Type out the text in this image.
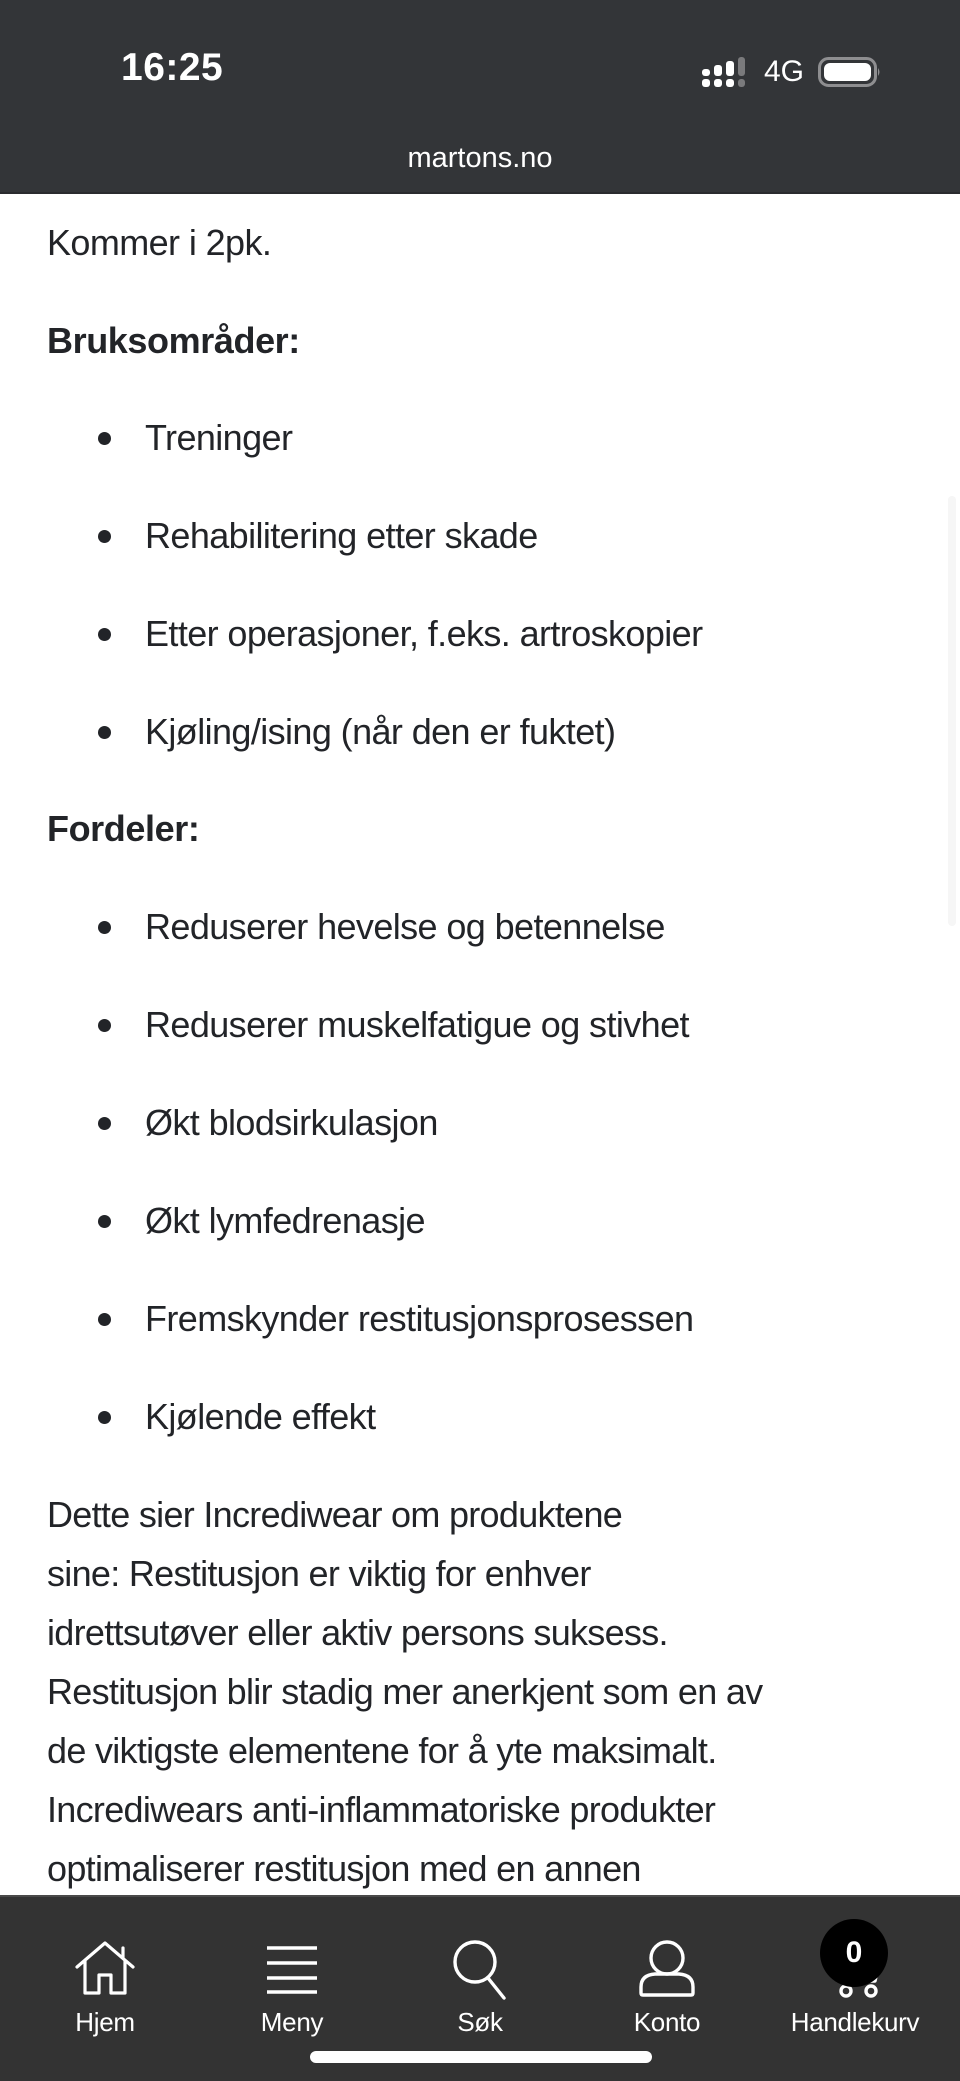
16:25	4G
martons.no
Kommer i 2pk.
Bruksområder:
Treninger
Rehabilitering etter skade
Etter operasjoner, f.eks. artroskopier
Kjøling/ising (når den er fuktet)
Fordeler:
Reduserer hevelse og betennelse
Reduserer muskelfatigue og stivhet
Økt blodsirkulasjon
Økt lymfedrenasje
Fremskynder restitusjonsprosessen
Kjølende effekt
Dette sier Incrediwear om produktene
sine: Restitusjon er viktig for enhver
idrettsutøver eller aktiv persons suksess.
Restitusjon blir stadig mer anerkjent som en av
de viktigste elementene for å yte maksimalt.
Incrediwears anti-inflammatoriske produkter
optimaliserer restitusjon med en annen
Hjem	Meny	Søk	Konto	Handlekurv
0
